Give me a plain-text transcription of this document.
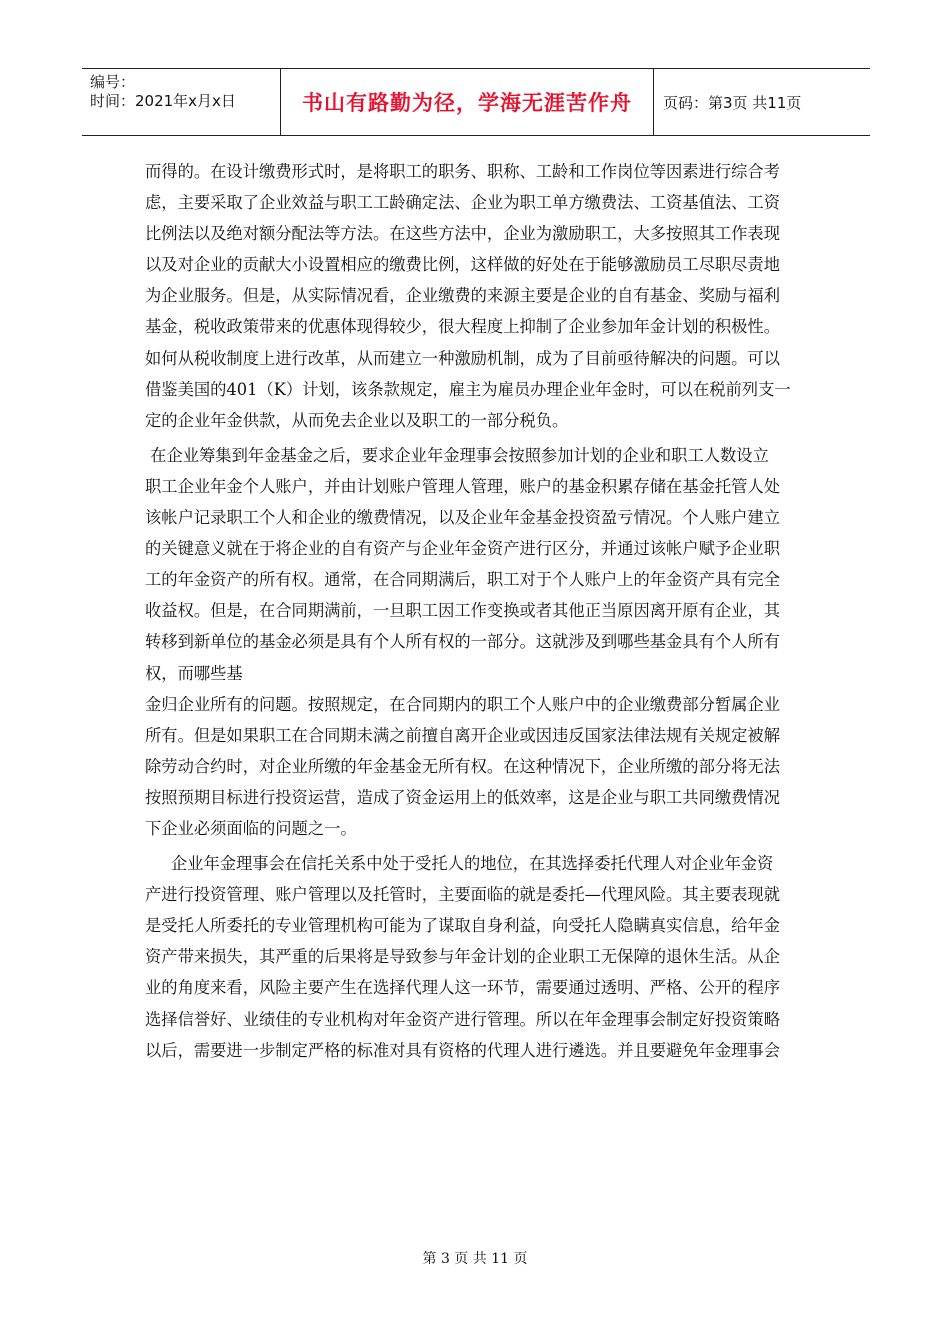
编号：
时间：2021年x月x日	书山有路勤为径，学海无涯苦作舟	页码：第3页 共11页
而得的。在设计缴费形式时，是将职工的职务、职称、工龄和工作岗位等因素进行综合考
虑，主要采取了企业效益与职工工龄确定法、企业为职工单方缴费法、工资基值法、工资
比例法以及绝对额分配法等方法。在这些方法中，企业为激励职工，大多按照其工作表现
以及对企业的贡献大小设置相应的缴费比例，这样做的好处在于能够激励员工尽职尽责地
为企业服务。但是，从实际情况看，企业缴费的来源主要是企业的自有基金、奖励与福利
基金，税收政策带来的优惠体现得较少，很大程度上抑制了企业参加年金计划的积极性。
如何从税收制度上进行改革，从而建立一种激励机制，成为了目前亟待解决的问题。可以
借鉴美国的401（K）计划，该条款规定，雇主为雇员办理企业年金时，可以在税前列支一
定的企业年金供款，从而免去企业以及职工的一部分税负。
在企业筹集到年金基金之后，要求企业年金理事会按照参加计划的企业和职工人数设立
职工企业年金个人账户，并由计划账户管理人管理，账户的基金积累存储在基金托管人处
该帐户记录职工个人和企业的缴费情况，以及企业年金基金投资盈亏情况。个人账户建立
的关键意义就在于将企业的自有资产与企业年金资产进行区分，并通过该帐户赋予企业职
工的年金资产的所有权。通常，在合同期满后，职工对于个人账户上的年金资产具有完全
收益权。但是，在合同期满前，一旦职工因工作变换或者其他正当原因离开原有企业，其
转移到新单位的基金必须是具有个人所有权的一部分。这就涉及到哪些基金具有个人所有
权，而哪些基
金归企业所有的问题。按照规定，在合同期内的职工个人账户中的企业缴费部分暂属企业
所有。但是如果职工在合同期未满之前擅自离开企业或因违反国家法律法规有关规定被解
除劳动合约时，对企业所缴的年金基金无所有权。在这种情况下，企业所缴的部分将无法
按照预期目标进行投资运营，造成了资金运用上的低效率，这是企业与职工共同缴费情况
下企业必须面临的问题之一。
企业年金理事会在信托关系中处于受托人的地位，在其选择委托代理人对企业年金资
产进行投资管理、账户管理以及托管时，主要面临的就是委托—代理风险。其主要表现就
是受托人所委托的专业管理机构可能为了谋取自身利益，向受托人隐瞒真实信息，给年金
资产带来损失，其严重的后果将是导致参与年金计划的企业职工无保障的退休生活。从企
业的角度来看，风险主要产生在选择代理人这一环节，需要通过透明、严格、公开的程序
选择信誉好、业绩佳的专业机构对年金资产进行管理。所以在年金理事会制定好投资策略
以后，需要进一步制定严格的标准对具有资格的代理人进行遴选。并且要避免年金理事会
第 3 页 共 11 页
